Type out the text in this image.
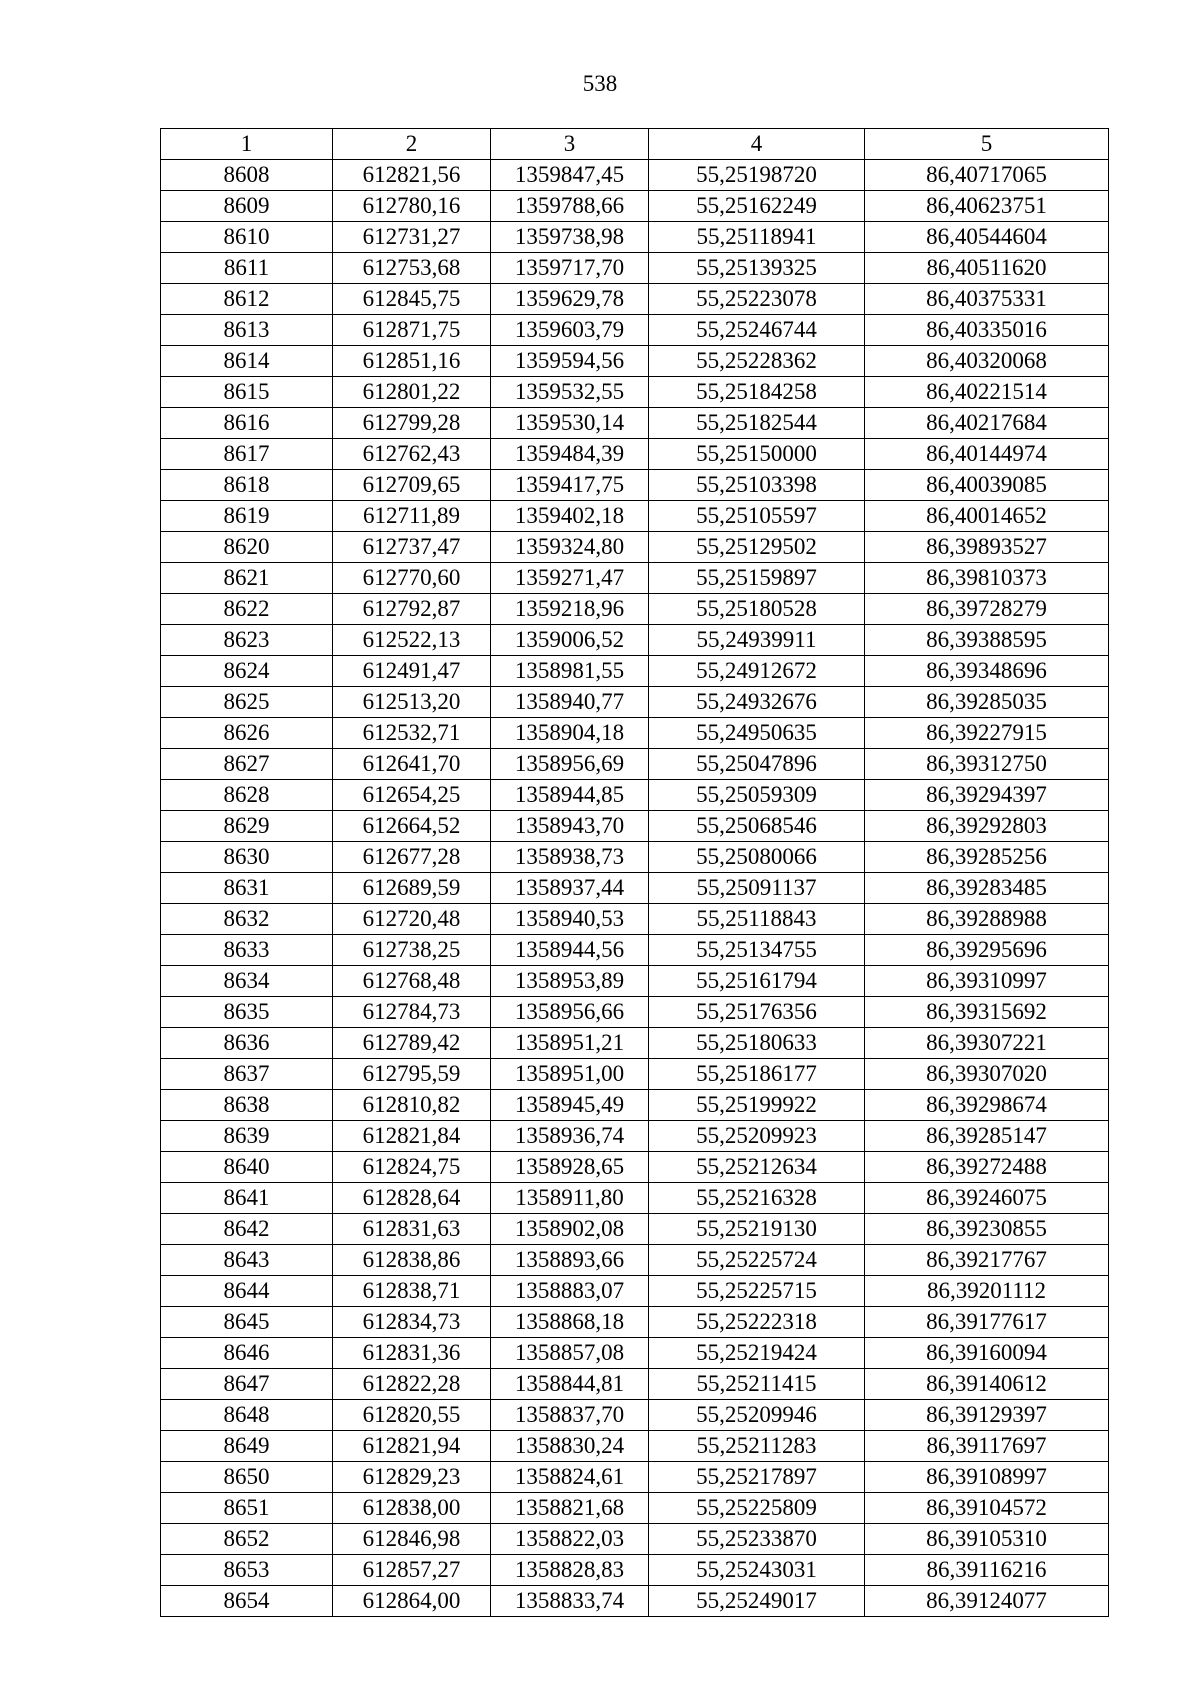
538
1	2	3	4	5
8608	612821,56	1359847,45	55,25198720	86,40717065
8609	612780,16	1359788,66	55,25162249	86,40623751
8610	612731,27	1359738,98	55,25118941	86,40544604
8611	612753,68	1359717,70	55,25139325	86,40511620
8612	612845,75	1359629,78	55,25223078	86,40375331
8613	612871,75	1359603,79	55,25246744	86,40335016
8614	612851,16	1359594,56	55,25228362	86,40320068
8615	612801,22	1359532,55	55,25184258	86,40221514
8616	612799,28	1359530,14	55,25182544	86,40217684
8617	612762,43	1359484,39	55,25150000	86,40144974
8618	612709,65	1359417,75	55,25103398	86,40039085
8619	612711,89	1359402,18	55,25105597	86,40014652
8620	612737,47	1359324,80	55,25129502	86,39893527
8621	612770,60	1359271,47	55,25159897	86,39810373
8622	612792,87	1359218,96	55,25180528	86,39728279
8623	612522,13	1359006,52	55,24939911	86,39388595
8624	612491,47	1358981,55	55,24912672	86,39348696
8625	612513,20	1358940,77	55,24932676	86,39285035
8626	612532,71	1358904,18	55,24950635	86,39227915
8627	612641,70	1358956,69	55,25047896	86,39312750
8628	612654,25	1358944,85	55,25059309	86,39294397
8629	612664,52	1358943,70	55,25068546	86,39292803
8630	612677,28	1358938,73	55,25080066	86,39285256
8631	612689,59	1358937,44	55,25091137	86,39283485
8632	612720,48	1358940,53	55,25118843	86,39288988
8633	612738,25	1358944,56	55,25134755	86,39295696
8634	612768,48	1358953,89	55,25161794	86,39310997
8635	612784,73	1358956,66	55,25176356	86,39315692
8636	612789,42	1358951,21	55,25180633	86,39307221
8637	612795,59	1358951,00	55,25186177	86,39307020
8638	612810,82	1358945,49	55,25199922	86,39298674
8639	612821,84	1358936,74	55,25209923	86,39285147
8640	612824,75	1358928,65	55,25212634	86,39272488
8641	612828,64	1358911,80	55,25216328	86,39246075
8642	612831,63	1358902,08	55,25219130	86,39230855
8643	612838,86	1358893,66	55,25225724	86,39217767
8644	612838,71	1358883,07	55,25225715	86,39201112
8645	612834,73	1358868,18	55,25222318	86,39177617
8646	612831,36	1358857,08	55,25219424	86,39160094
8647	612822,28	1358844,81	55,25211415	86,39140612
8648	612820,55	1358837,70	55,25209946	86,39129397
8649	612821,94	1358830,24	55,25211283	86,39117697
8650	612829,23	1358824,61	55,25217897	86,39108997
8651	612838,00	1358821,68	55,25225809	86,39104572
8652	612846,98	1358822,03	55,25233870	86,39105310
8653	612857,27	1358828,83	55,25243031	86,39116216
8654	612864,00	1358833,74	55,25249017	86,39124077
